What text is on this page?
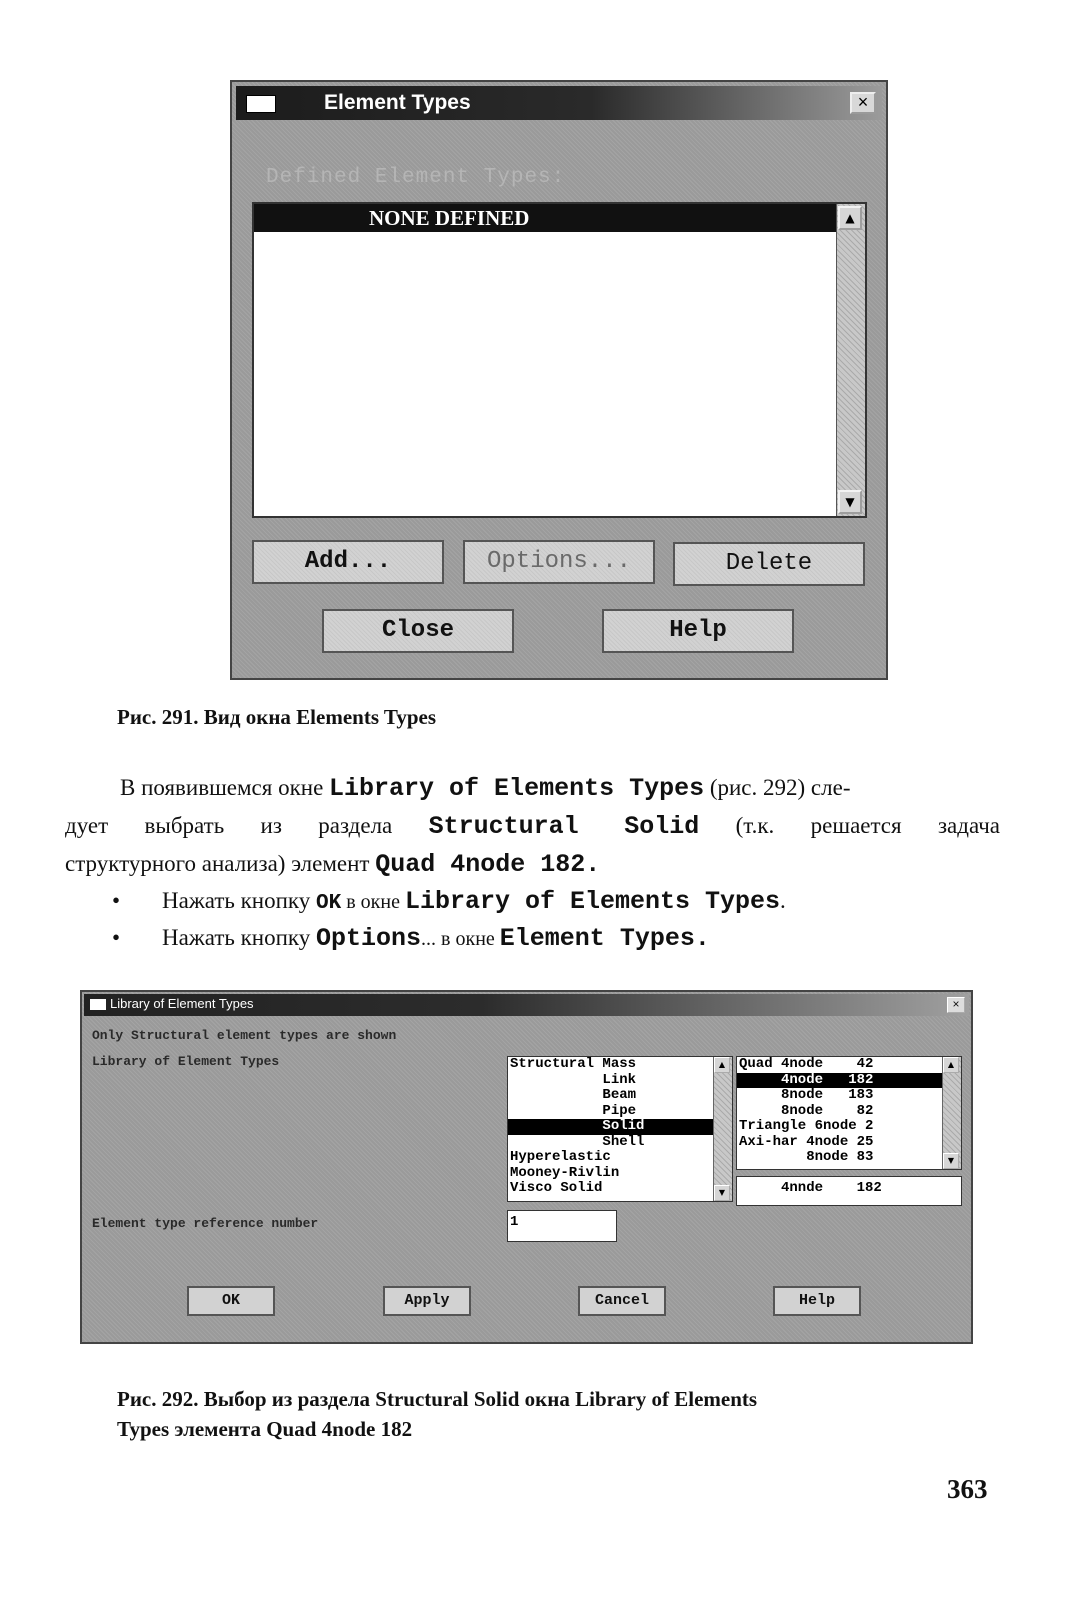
Element Types	×
Defined Element Types:
NONE DEFINED	▲
▼
Add...	Options...	Delete
Close	Help
Рис. 291. Вид окна Elements Types
В появившемся окне Library of Elements Types (рис. 292) сле-
дует выбрать из раздела Structural Solid (т.к. решается задача
структурного анализа) элемент Quad 4node 182.
• Нажать кнопку OK в окне Library of Elements Types.
• Нажать кнопку Options... в окне Element Types.
Library of Element Types	×
Only Structural element types are shown
Library of Element Types
Element type reference number
Structural Mass
Link
Beam
Pipe
Solid
Shell
Hyperelastic
Mooney-Rivlin
Visco Solid
▲
▼
Quad 4node    42
4node   182
8node   183
8node    82
Triangle 6node 2
Axi-har 4node 25
8node 83
▲
▼
4nnde    182
1
OK	Apply	Cancel	Help
Рис. 292. Выбор из раздела Structural Solid окна Library of Elements
Types элемента Quad 4node 182
363
